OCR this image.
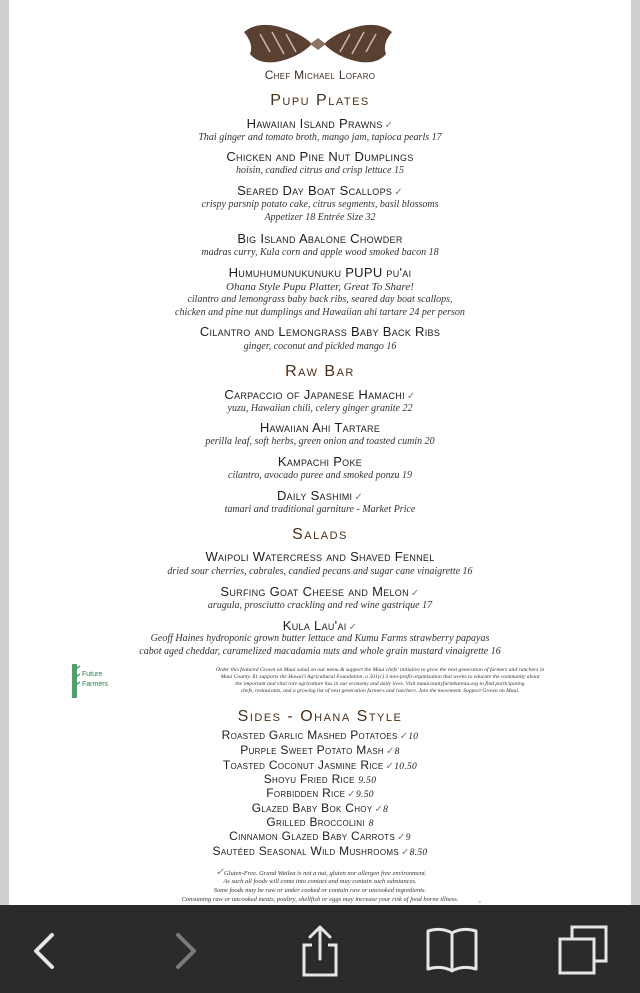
Chef Michael Lofaro
Pupu Plates
Hawaiian Island Prawns ✓
Thai ginger and tomato broth, mango jam, tapioca pearls 17
Chicken and Pine Nut Dumplings
hoisin, candied citrus and crisp lettuce 15
Seared Day Boat Scallops ✓
crispy parsnip potato cake, citrus segments, basil blossoms
Appetizer 18 Entrée Size 32
Big Island Abalone Chowder
madras curry, Kula corn and apple wood smoked bacon 18
Humuhumunukunuku PUPU pu'ai
Ohana Style Pupu Platter, Great To Share!
cilantro and lemongrass baby back ribs, seared day boat scallops,
chicken and pine nut dumplings and Hawaiian ahi tartare 24 per person
Cilantro and Lemongrass Baby Back Ribs
ginger, coconut and pickled mango 16
Raw Bar
Carpaccio of Japanese Hamachi ✓
yuzu, Hawaiian chili, celery ginger granite 22
Hawaiian Ahi Tartare
perilla leaf, soft herbs, green onion and toasted cumin 20
Kampachi Poke
cilantro, avocado puree and smoked ponzu 19
Daily Sashimi ✓
tamari and traditional garniture - Market Price
Salads
Waipoli Watercress and Shaved Fennel
dried sour cherries, cabrales, candied pecans and sugar cane vinaigrette 16
Surfing Goat Cheese and Melon ✓
arugula, prosciutto crackling and red wine gastrique 17
Kula Lau'ai ✓
Geoff Haines hydroponic grown butter lettuce and Kumu Farms strawberry papayas
cabot aged cheddar, caramelized macadamia nuts and whole grain mustard vinaigrette 16
Future
Farmers
Order this featured Grown on Maui salad on our menu & support the Maui chefs' initiative to grow the next generation of farmers and ranchers in
Maui County. $1 supports the Hawai'i Agricultural Foundation, a 501(c) 3 non-profit organization that works to educate the community about
the important and vital role agriculture has in our economy and daily lives. Visit mauicountyfarmbureau.org to find participating
chefs, restaurants, and a growing list of next generation farmers and ranchers. Join the movement. Support Grown on Maui.
Sides - Ohana Style
Roasted Garlic Mashed Potatoes ✓10
Purple Sweet Potato Mash ✓8
Toasted Coconut Jasmine Rice ✓10.50
Shoyu Fried Rice 9.50
Forbidden Rice ✓9.50
Glazed Baby Bok Choy ✓8
Grilled Broccolini 8
Cinnamon Glazed Baby Carrots ✓9
Sautéed Seasonal Wild Mushrooms ✓8.50
✓Gluten-Free. Grand Wailea is not a nut, gluten nor allergen free environment.
As such all foods will come into contact and may contain such substances.
Some foods may be raw or under cooked or contain raw or uncooked ingredients.
Consuming raw or uncooked meats, poultry, shellfish or eggs may increase your risk of food borne illness.
